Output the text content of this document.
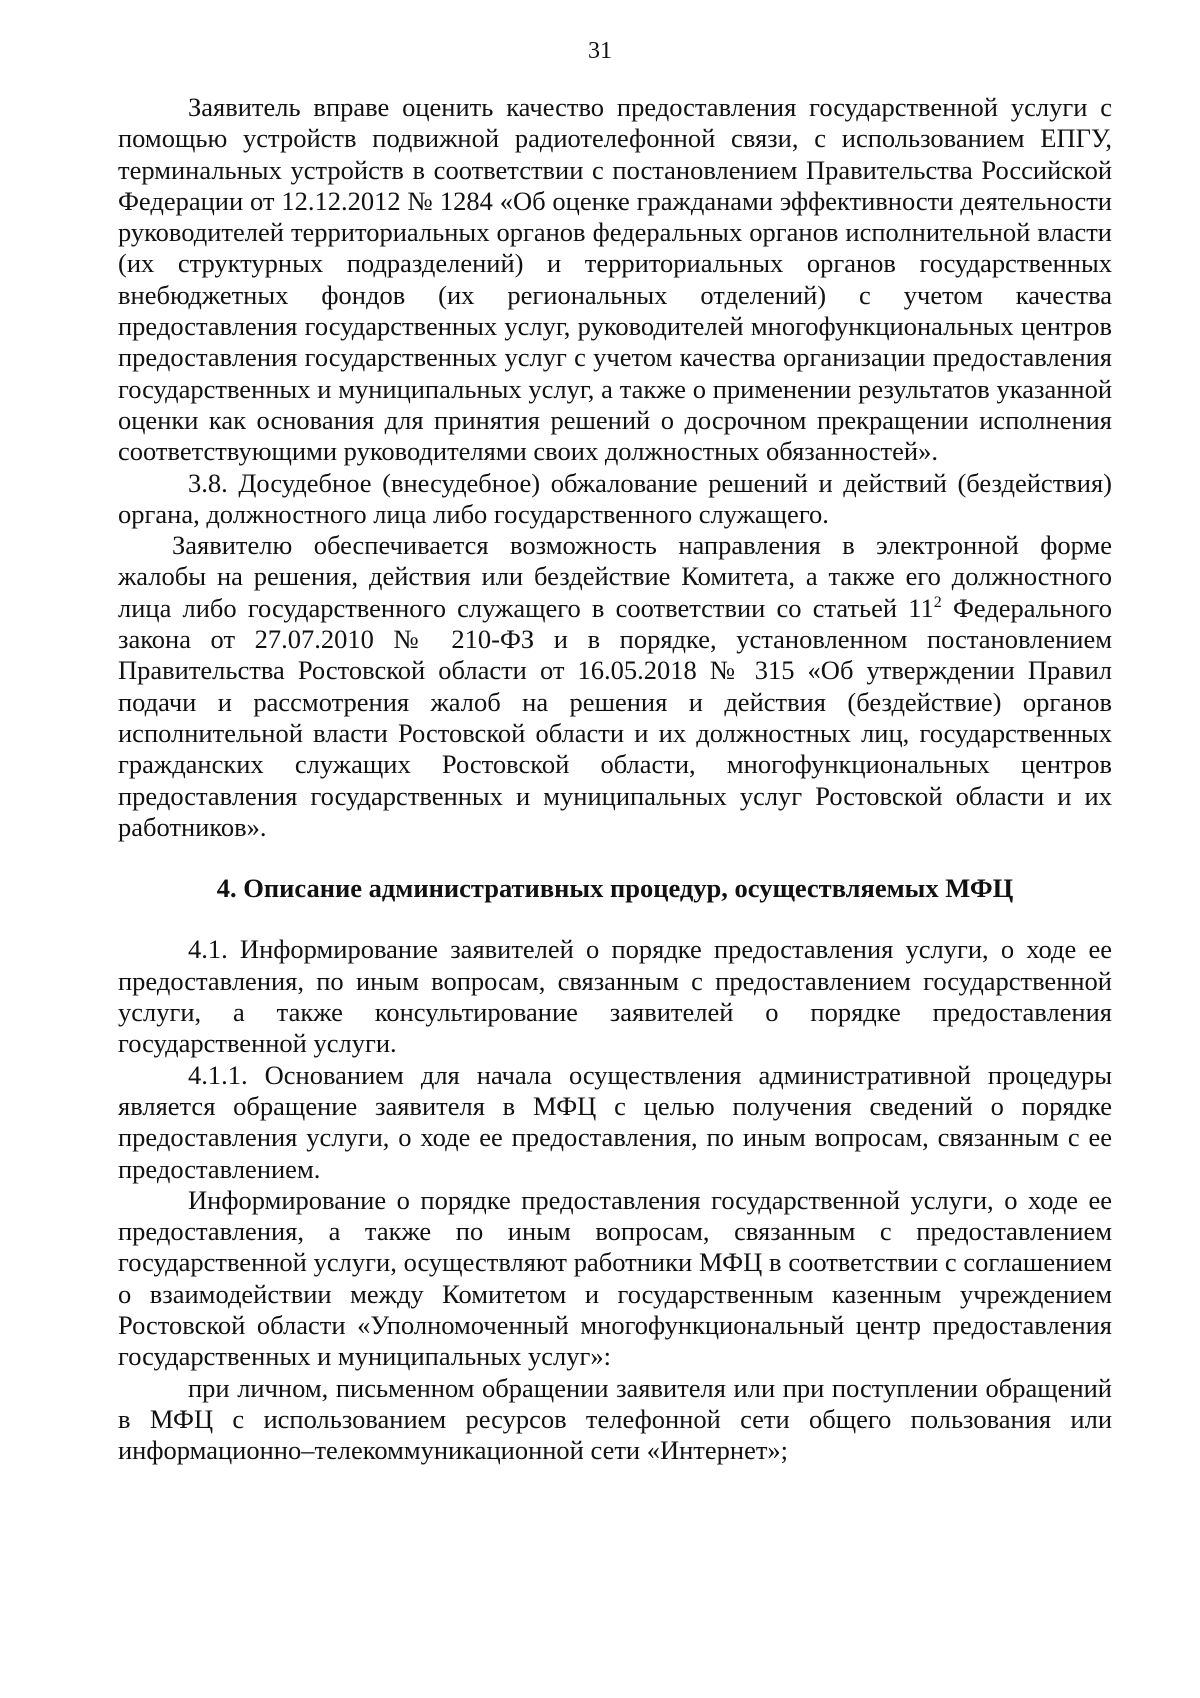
31

Заявитель вправе оценить качество предоставления государственной услуги с помощью устройств подвижной радиотелефонной связи, с использованием ЕПГУ, терминальных устройств в соответствии с постановлением Правительства Российской Федерации от 12.12.2012 № 1284 «Об оценке гражданами эффективности деятельности руководителей территориальных органов федеральных органов исполнительной власти (их структурных подразделений) и территориальных органов государственных внебюджетных фондов (их региональных отделений) с учетом качества предоставления государственных услуг, руководителей многофункциональных центров предоставления государственных услуг с учетом качества организации предоставления государственных и муниципальных услуг, а также о применении результатов указанной оценки как основания для принятия решений о досрочном прекращении исполнения соответствующими руководителями своих должностных обязанностей».

3.8. Досудебное (внесудебное) обжалование решений и действий (бездействия) органа, должностного лица либо государственного служащего.

Заявителю обеспечивается возможность направления в электронной форме жалобы на решения, действия или бездействие Комитета, а также его должностного лица либо государственного служащего в соответствии со статьей $11^2$ Федерального закона от 27.07.2010 № 210-ФЗ и в порядке, установленном постановлением Правительства Ростовской области от 16.05.2018 № 315 «Об утверждении Правил подачи и рассмотрения жалоб на решения и действия (бездействие) органов исполнительной власти Ростовской области и их должностных лиц, государственных гражданских служащих Ростовской области, многофункциональных центров предоставления государственных и муниципальных услуг Ростовской области и их работников».

4. Описание административных процедур, осуществляемых МФЦ

4.1. Информирование заявителей о порядке предоставления услуги, о ходе ее предоставления, по иным вопросам, связанным с предоставлением государственной услуги, а также консультирование заявителей о порядке предоставления государственной услуги.

4.1.1. Основанием для начала осуществления административной процедуры является обращение заявителя в МФЦ с целью получения сведений о порядке предоставления услуги, о ходе ее предоставления, по иным вопросам, связанным с ее предоставлением.

Информирование о порядке предоставления государственной услуги, о ходе ее предоставления, а также по иным вопросам, связанным с предоставлением государственной услуги, осуществляют работники МФЦ в соответствии с соглашением о взаимодействии между Комитетом и государственным казенным учреждением Ростовской области «Уполномоченный многофункциональный центр предоставления государственных и муниципальных услуг»:

при личном, письменном обращении заявителя или при поступлении обращений в МФЦ с использованием ресурсов телефонной сети общего пользования или информационно–телекоммуникационной сети «Интернет»;
